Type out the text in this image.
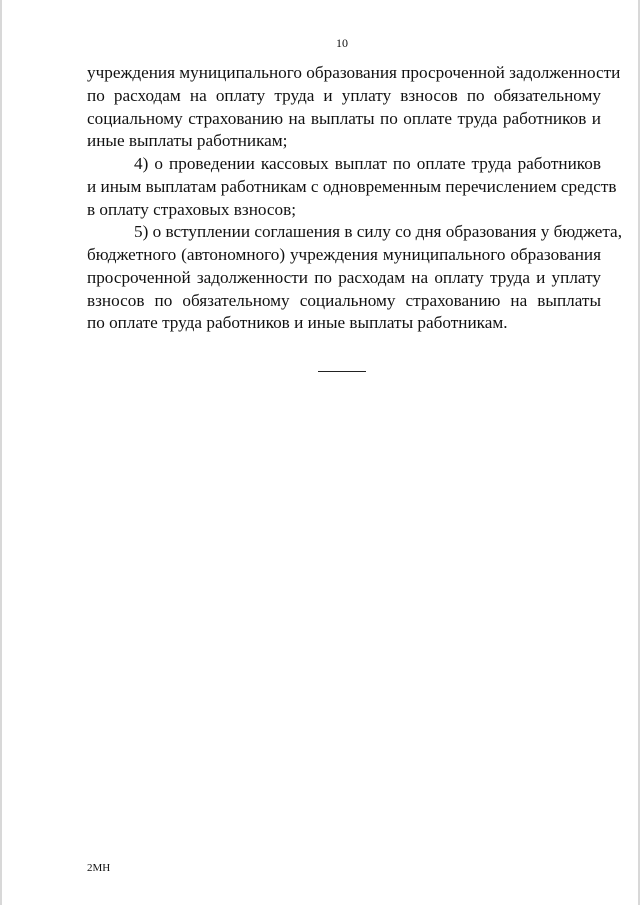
10
учреждения муниципального образования просроченной задолженности
по расходам на оплату труда и уплату взносов по обязательному
социальному страхованию на выплаты по оплате труда работников и
иные выплаты работникам;
4) о проведении кассовых выплат по оплате труда работников
и иным выплатам работникам с одновременным перечислением средств
в оплату страховых взносов;
5) о вступлении соглашения в силу со дня образования у бюджета,
бюджетного (автономного) учреждения муниципального образования
просроченной задолженности по расходам на оплату труда и уплату
взносов по обязательному социальному страхованию на выплаты
по оплате труда работников и иные выплаты работникам.
2МН
